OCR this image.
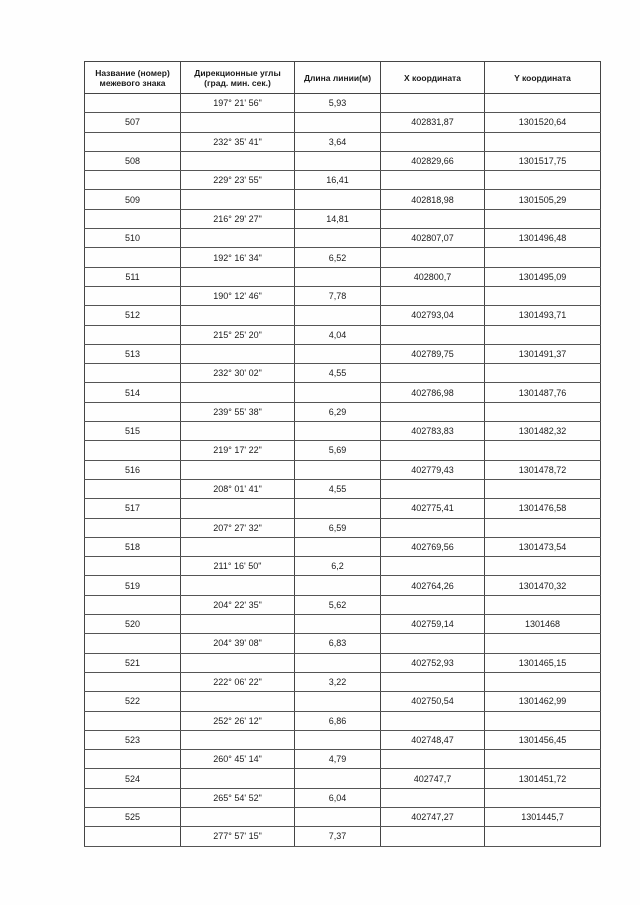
Название (номер) межевого знака	Дирекционные углы (град. мин. сек.)	Длина линии(м)	X координата	Y координата

	197° 21' 56"	5,93		
507			402831,87	1301520,64
	232° 35' 41"	3,64		
508			402829,66	1301517,75
	229° 23' 55"	16,41		
509			402818,98	1301505,29
	216° 29' 27"	14,81		
510			402807,07	1301496,48
	192° 16' 34"	6,52		
511			402800,7	1301495,09
	190° 12' 46"	7,78		
512			402793,04	1301493,71
	215° 25' 20"	4,04		
513			402789,75	1301491,37
	232° 30' 02"	4,55		
514			402786,98	1301487,76
	239° 55' 38"	6,29		
515			402783,83	1301482,32
	219° 17' 22"	5,69		
516			402779,43	1301478,72
	208° 01' 41"	4,55		
517			402775,41	1301476,58
	207° 27' 32"	6,59		
518			402769,56	1301473,54
	211° 16' 50"	6,2		
519			402764,26	1301470,32
	204° 22' 35"	5,62		
520			402759,14	1301468
	204° 39' 08"	6,83		
521			402752,93	1301465,15
	222° 06' 22"	3,22		
522			402750,54	1301462,99
	252° 26' 12"	6,86		
523			402748,47	1301456,45
	260° 45' 14"	4,79		
524			402747,7	1301451,72
	265° 54' 52"	6,04		
525			402747,27	1301445,7
	277° 57' 15"	7,37		
